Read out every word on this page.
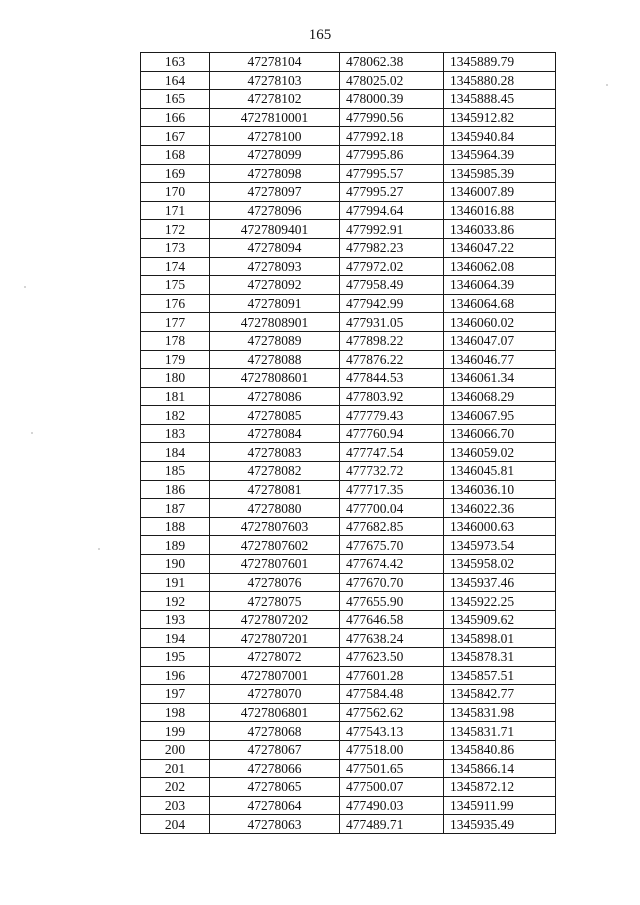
165
163	47278104	478062.38	1345889.79
164	47278103	478025.02	1345880.28
165	47278102	478000.39	1345888.45
166	4727810001	477990.56	1345912.82
167	47278100	477992.18	1345940.84
168	47278099	477995.86	1345964.39
169	47278098	477995.57	1345985.39
170	47278097	477995.27	1346007.89
171	47278096	477994.64	1346016.88
172	4727809401	477992.91	1346033.86
173	47278094	477982.23	1346047.22
174	47278093	477972.02	1346062.08
175	47278092	477958.49	1346064.39
176	47278091	477942.99	1346064.68
177	4727808901	477931.05	1346060.02
178	47278089	477898.22	1346047.07
179	47278088	477876.22	1346046.77
180	4727808601	477844.53	1346061.34
181	47278086	477803.92	1346068.29
182	47278085	477779.43	1346067.95
183	47278084	477760.94	1346066.70
184	47278083	477747.54	1346059.02
185	47278082	477732.72	1346045.81
186	47278081	477717.35	1346036.10
187	47278080	477700.04	1346022.36
188	4727807603	477682.85	1346000.63
189	4727807602	477675.70	1345973.54
190	4727807601	477674.42	1345958.02
191	47278076	477670.70	1345937.46
192	47278075	477655.90	1345922.25
193	4727807202	477646.58	1345909.62
194	4727807201	477638.24	1345898.01
195	47278072	477623.50	1345878.31
196	4727807001	477601.28	1345857.51
197	47278070	477584.48	1345842.77
198	4727806801	477562.62	1345831.98
199	47278068	477543.13	1345831.71
200	47278067	477518.00	1345840.86
201	47278066	477501.65	1345866.14
202	47278065	477500.07	1345872.12
203	47278064	477490.03	1345911.99
204	47278063	477489.71	1345935.49
